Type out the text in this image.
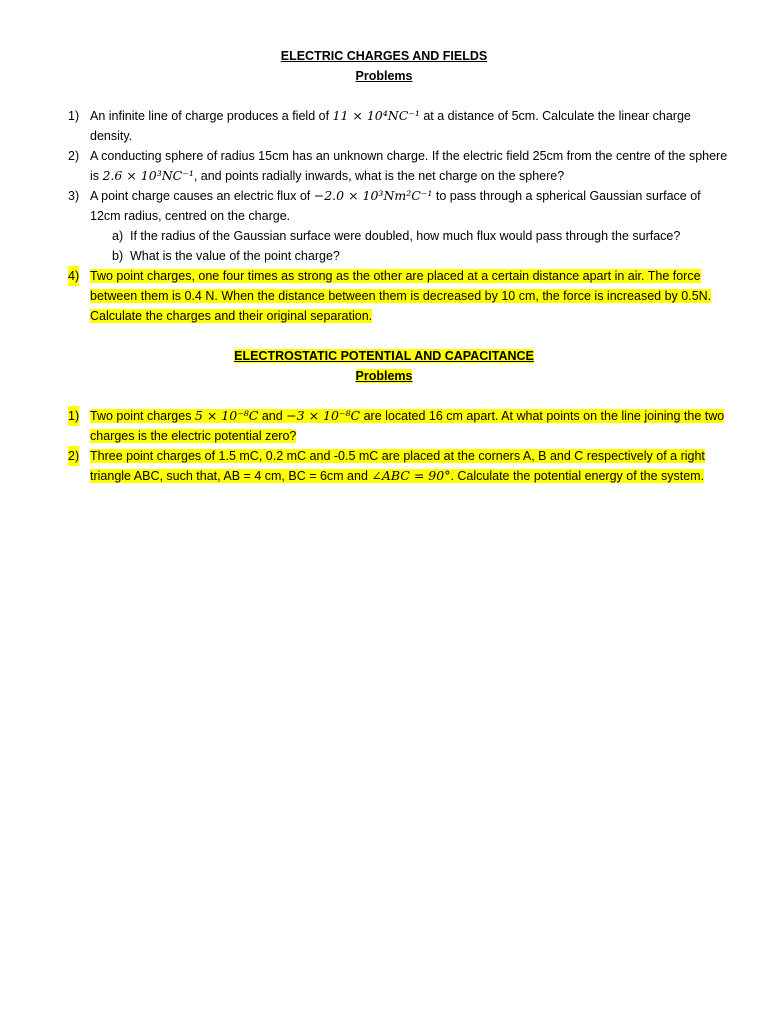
ELECTRIC CHARGES AND FIELDS
Problems
1) An infinite line of charge produces a field of 11 × 10⁴NC⁻¹ at a distance of 5cm. Calculate the linear charge density.
2) A conducting sphere of radius 15cm has an unknown charge. If the electric field 25cm from the centre of the sphere is 2.6 × 10³NC⁻¹, and points radially inwards, what is the net charge on the sphere?
3) A point charge causes an electric flux of −2.0 × 10³Nm²C⁻¹ to pass through a spherical Gaussian surface of 12cm radius, centred on the charge.
a) If the radius of the Gaussian surface were doubled, how much flux would pass through the surface?
b) What is the value of the point charge?
4) Two point charges, one four times as strong as the other are placed at a certain distance apart in air. The force between them is 0.4 N. When the distance between them is decreased by 10 cm, the force is increased by 0.5N. Calculate the charges and their original separation.
ELECTROSTATIC POTENTIAL AND CAPACITANCE
Problems
1) Two point charges 5 × 10⁻⁸C and −3 × 10⁻⁸C are located 16 cm apart. At what points on the line joining the two charges is the electric potential zero?
2) Three point charges of 1.5 mC, 0.2 mC and -0.5 mC are placed at the corners A, B and C respectively of a right triangle ABC, such that, AB = 4 cm, BC = 6cm and ∠ABC = 90°. Calculate the potential energy of the system.
